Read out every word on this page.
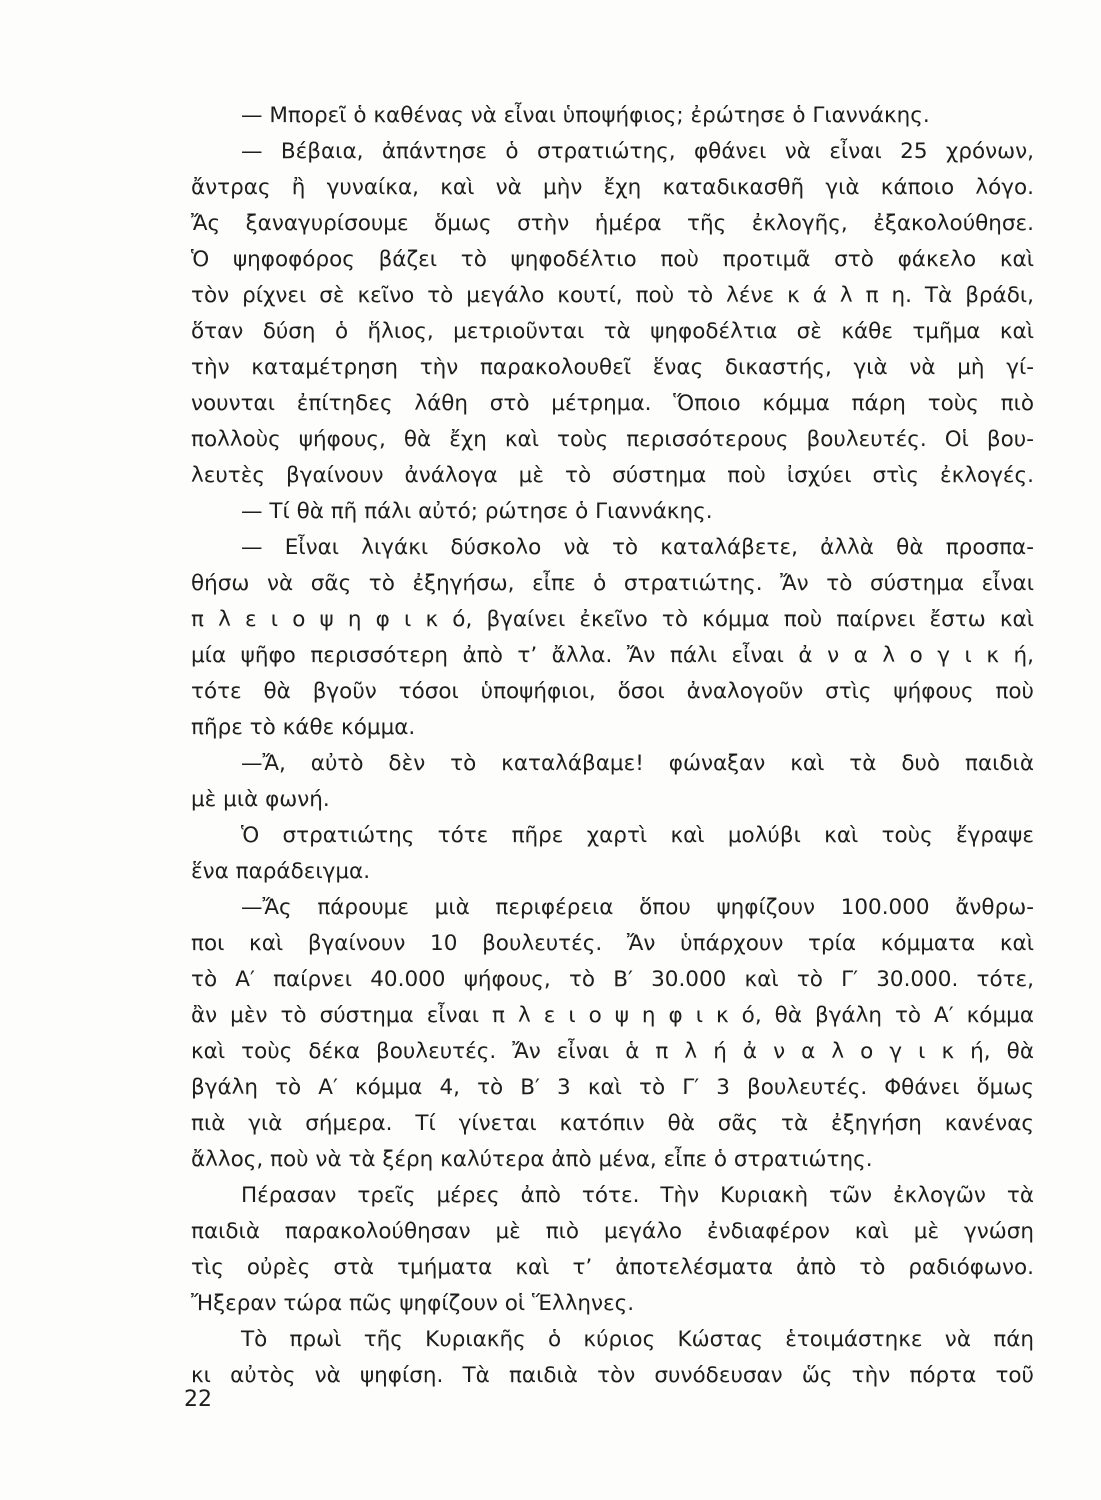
— Μπορεῖ ὁ καθένας νὰ εἶναι ὑποψήφιος; ἐρώτησε ὁ Γιαννάκης.
— Βέβαια, ἀπάντησε ὁ στρατιώτης, φθάνει νὰ εἶναι 25 χρόνων,
ἄντρας ἢ γυναίκα, καὶ νὰ μὴν ἔχη καταδικασθῆ γιὰ κάποιο λόγο.
Ἄς ξαναγυρίσουμε ὅμως στὴν ἡμέρα τῆς ἐκλογῆς, ἐξακολούθησε.
Ὁ ψηφοφόρος βάζει τὸ ψηφοδέλτιο ποὺ προτιμᾶ στὸ φάκελο καὶ
τὸν ρίχνει σὲ κεῖνο τὸ μεγάλο κουτί, ποὺ τὸ λένε κ ά λ π η. Τὰ βράδι,
ὅταν δύση ὁ ἥλιος, μετριοῦνται τὰ ψηφοδέλτια σὲ κάθε τμῆμα καὶ
τὴν καταμέτρηση τὴν παρακολουθεῖ ἕνας δικαστής, γιὰ νὰ μὴ γί-
νουνται ἐπίτηδες λάθη στὸ μέτρημα. Ὅποιο κόμμα πάρη τοὺς πιὸ
πολλοὺς ψήφους, θὰ ἔχη καὶ τοὺς περισσότερους βουλευτές. Οἱ βου-
λευτὲς βγαίνουν ἀνάλογα μὲ τὸ σύστημα ποὺ ἰσχύει στὶς ἐκλογές.
— Τί θὰ πῆ πάλι αὐτό; ρώτησε ὁ Γιαννάκης.
— Εἶναι λιγάκι δύσκολο νὰ τὸ καταλάβετε, ἀλλὰ θὰ προσπα-
θήσω νὰ σᾶς τὸ ἐξηγήσω, εἶπε ὁ στρατιώτης. Ἄν τὸ σύστημα εἶναι
π λ ε ι ο ψ η φ ι κ ό, βγαίνει ἐκεῖνο τὸ κόμμα ποὺ παίρνει ἔστω καὶ
μία ψῆφο περισσότερη ἀπὸ τ’ ἄλλα. Ἄν πάλι εἶναι ἀ ν α λ ο γ ι κ ή,
τότε θὰ βγοῦν τόσοι ὑποψήφιοι, ὅσοι ἀναλογοῦν στὶς ψήφους ποὺ
πῆρε τὸ κάθε κόμμα.
—Ἄ, αὐτὸ δὲν τὸ καταλάβαμε! φώναξαν καὶ τὰ δυὸ παιδιὰ
μὲ μιὰ φωνή.
Ὁ στρατιώτης τότε πῆρε χαρτὶ καὶ μολύβι καὶ τοὺς ἔγραψε
ἕνα παράδειγμα.
—Ἄς πάρουμε μιὰ περιφέρεια ὅπου ψηφίζουν 100.000 ἄνθρω-
ποι καὶ βγαίνουν 10 βουλευτές. Ἄν ὑπάρχουν τρία κόμματα καὶ
τὸ Α′ παίρνει 40.000 ψήφους, τὸ Β′ 30.000 καὶ τὸ Γ′ 30.000. τότε,
ἂν μὲν τὸ σύστημα εἶναι π λ ε ι ο ψ η φ ι κ ό, θὰ βγάλη τὸ Α′ κόμμα
καὶ τοὺς δέκα βουλευτές. Ἄν εἶναι ἁ π λ ή ἀ ν α λ ο γ ι κ ή, θὰ
βγάλη τὸ Α′ κόμμα 4, τὸ Β′ 3 καὶ τὸ Γ′ 3 βουλευτές. Φθάνει ὅμως
πιὰ γιὰ σήμερα. Τί γίνεται κατόπιν θὰ σᾶς τὰ ἐξηγήση κανένας
ἄλλος, ποὺ νὰ τὰ ξέρη καλύτερα ἀπὸ μένα, εἶπε ὁ στρατιώτης.
Πέρασαν τρεῖς μέρες ἀπὸ τότε. Τὴν Κυριακὴ τῶν ἐκλογῶν τὰ
παιδιὰ παρακολούθησαν μὲ πιὸ μεγάλο ἐνδιαφέρον καὶ μὲ γνώση
τὶς οὐρὲς στὰ τμήματα καὶ τ’ ἀποτελέσματα ἀπὸ τὸ ραδιόφωνο.
Ἤξεραν τώρα πῶς ψηφίζουν οἱ Ἕλληνες.
Τὸ πρωὶ τῆς Κυριακῆς ὁ κύριος Κώστας ἑτοιμάστηκε νὰ πάη
κι αὐτὸς νὰ ψηφίση. Τὰ παιδιὰ τὸν συνόδευσαν ὥς τὴν πόρτα τοῦ
22
